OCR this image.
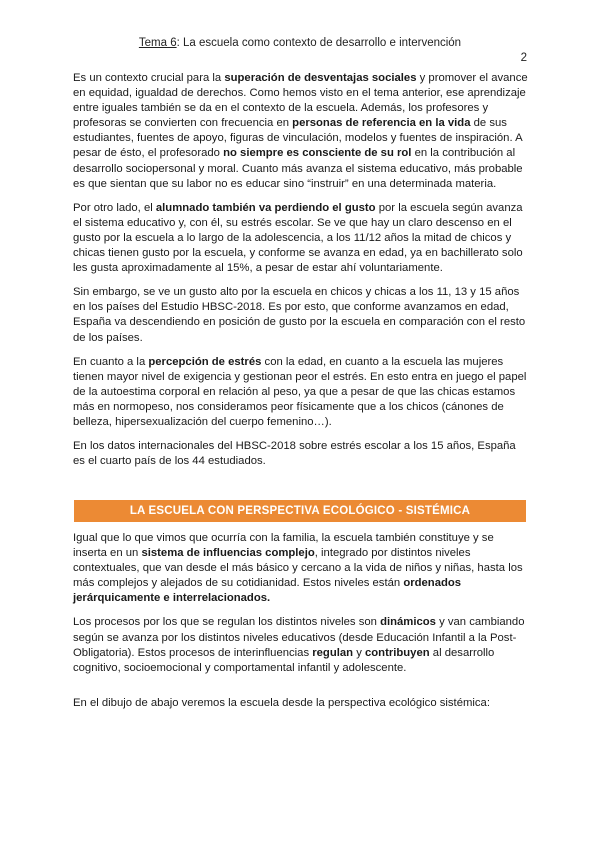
Tema 6: La escuela como contexto de desarrollo e intervención
2

Es un contexto crucial para la superación de desventajas sociales y promover el avance en equidad, igualdad de derechos. Como hemos visto en el tema anterior, ese aprendizaje entre iguales también se da en el contexto de la escuela. Además, los profesores y profesoras se convierten con frecuencia en personas de referencia en la vida de sus estudiantes, fuentes de apoyo, figuras de vinculación, modelos y fuentes de inspiración. A pesar de ésto, el profesorado no siempre es consciente de su rol en la contribución al desarrollo sociopersonal y moral. Cuanto más avanza el sistema educativo, más probable es que sientan que su labor no es educar sino “instruir” en una determinada materia.

Por otro lado, el alumnado también va perdiendo el gusto por la escuela según avanza el sistema educativo y, con él, su estrés escolar. Se ve que hay un claro descenso en el gusto por la escuela a lo largo de la adolescencia, a los 11/12 años la mitad de chicos y chicas tienen gusto por la escuela, y conforme se avanza en edad, ya en bachillerato solo les gusta aproximadamente al 15%, a pesar de estar ahí voluntariamente.

Sin embargo, se ve un gusto alto por la escuela en chicos y chicas a los 11, 13 y 15 años en los países del Estudio HBSC-2018. Es por esto, que conforme avanzamos en edad, España va descendiendo en posición de gusto por la escuela en comparación con el resto de los países.

En cuanto a la percepción de estrés con la edad, en cuanto a la escuela las mujeres tienen mayor nivel de exigencia y gestionan peor el estrés. En esto entra en juego el papel de la autoestima corporal en relación al peso, ya que a pesar de que las chicas estamos más en normopeso, nos consideramos peor físicamente que a los chicos (cánones de belleza, hipersexualización del cuerpo femenino…).

En los datos internacionales del HBSC-2018 sobre estrés escolar a los 15 años, España es el cuarto país de los 44 estudiados.

LA ESCUELA CON PERSPECTIVA ECOLÓGICO - SISTÉMICA

Igual que lo que vimos que ocurría con la familia, la escuela también constituye y se inserta en un sistema de influencias complejo, integrado por distintos niveles contextuales, que van desde el más básico y cercano a la vida de niños y niñas, hasta los más complejos y alejados de su cotidianidad. Estos niveles están ordenados jerárquicamente e interrelacionados.

Los procesos por los que se regulan los distintos niveles son dinámicos y van cambiando según se avanza por los distintos niveles educativos (desde Educación Infantil a la Post-Obligatoria). Estos procesos de interinfluencias regulan y contribuyen al desarrollo cognitivo, socioemocional y comportamental infantil y adolescente.

En el dibujo de abajo veremos la escuela desde la perspectiva ecológico sistémica:
